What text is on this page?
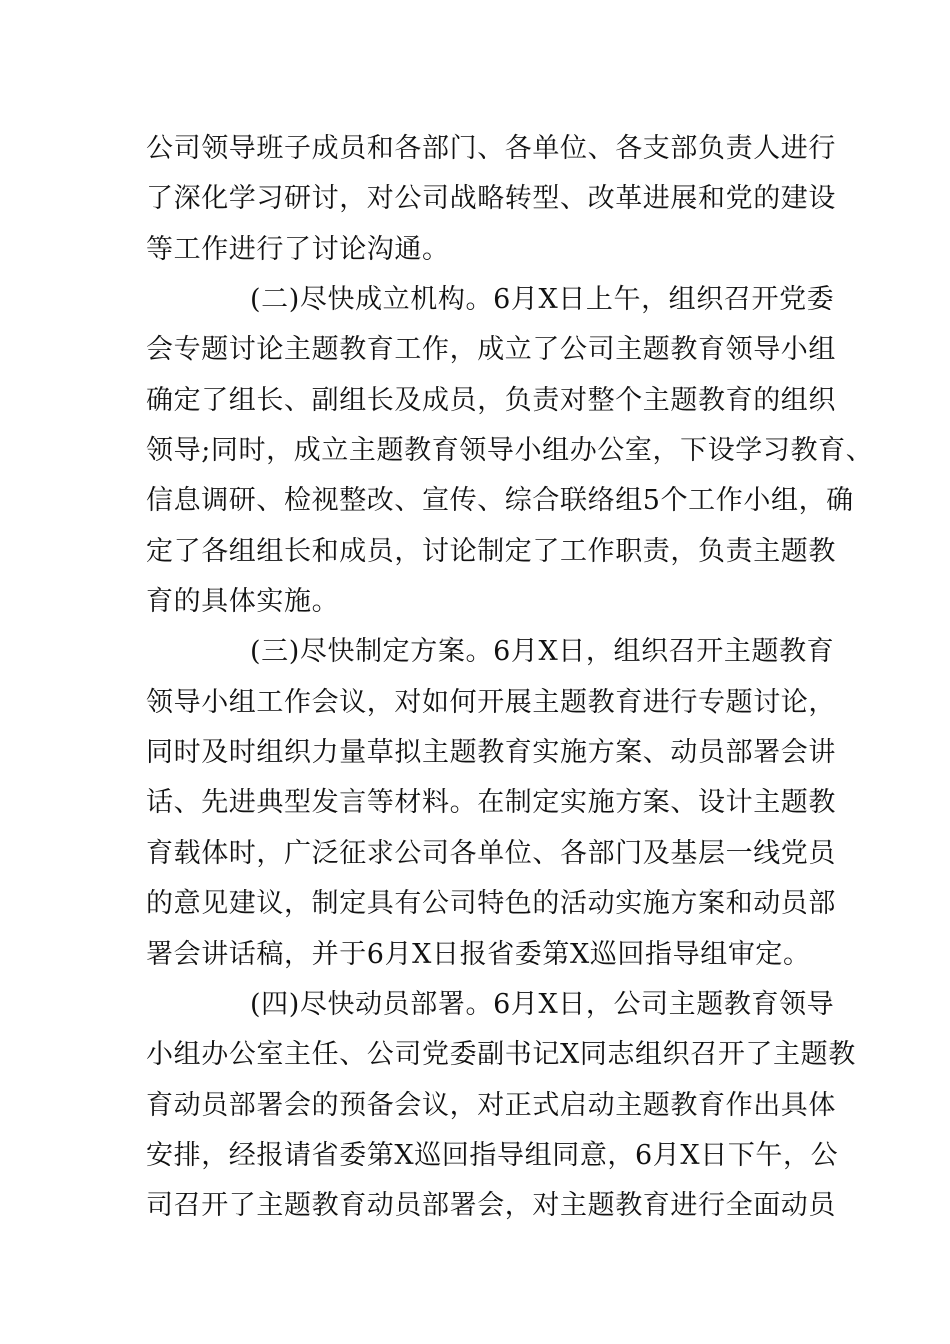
公司领导班子成员和各部门、各单位、各支部负责人进行
了深化学习研讨，对公司战略转型、改革进展和党的建设
等工作进行了讨论沟通。
(二)尽快成立机构。6月X日上午，组织召开党委
会专题讨论主题教育工作，成立了公司主题教育领导小组
确定了组长、副组长及成员，负责对整个主题教育的组织
领导;同时，成立主题教育领导小组办公室，下设学习教育、
信息调研、检视整改、宣传、综合联络组5个工作小组，确
定了各组组长和成员，讨论制定了工作职责，负责主题教
育的具体实施。
(三)尽快制定方案。6月X日，组织召开主题教育
领导小组工作会议，对如何开展主题教育进行专题讨论，
同时及时组织力量草拟主题教育实施方案、动员部署会讲
话、先进典型发言等材料。在制定实施方案、设计主题教
育载体时，广泛征求公司各单位、各部门及基层一线党员
的意见建议，制定具有公司特色的活动实施方案和动员部
署会讲话稿，并于6月X日报省委第X巡回指导组审定。
(四)尽快动员部署。6月X日，公司主题教育领导
小组办公室主任、公司党委副书记X同志组织召开了主题教
育动员部署会的预备会议，对正式启动主题教育作出具体
安排，经报请省委第X巡回指导组同意，6月X日下午，公
司召开了主题教育动员部署会，对主题教育进行全面动员
